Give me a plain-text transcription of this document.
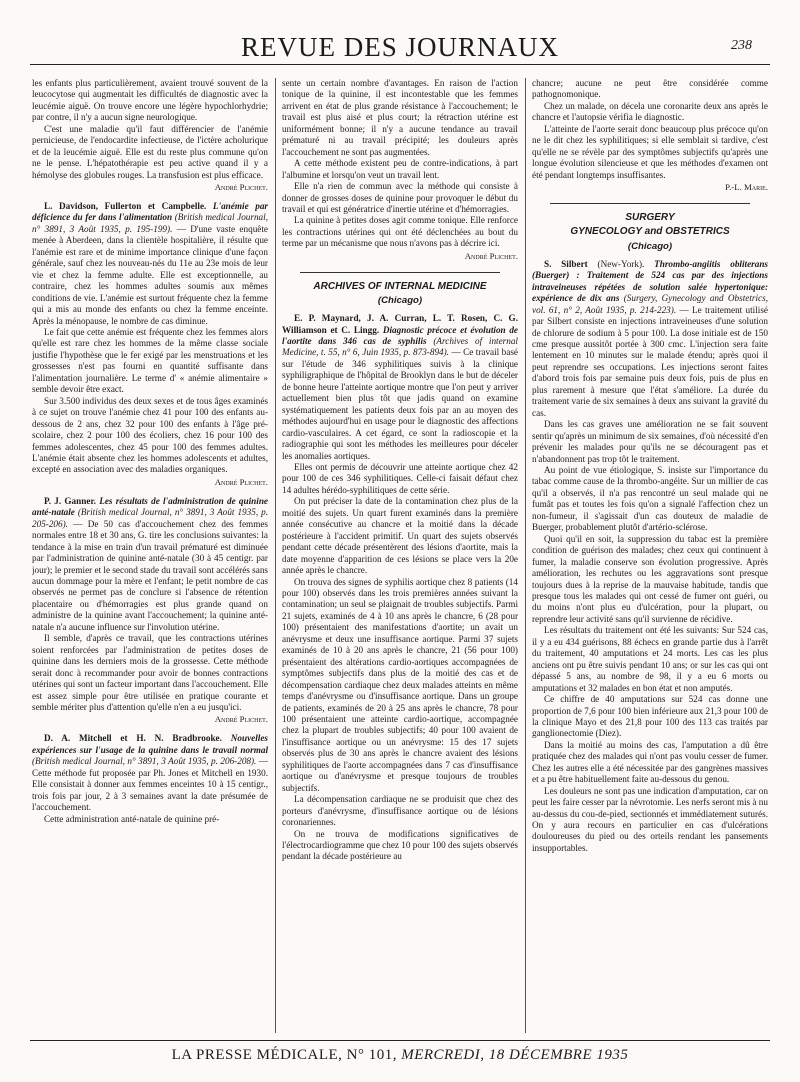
REVUE DES JOURNAUX	238

les enfants plus particulièrement, avaient trouvé souvent de la leucocytose qui augmentait les difficultés de diagnostic avec la leucémie aiguë. On trouve encore une légère hypochlorhydrie; par contre, il n'y a aucun signe neurologique.

C'est une maladie qu'il faut différencier de l'anémie pernicieuse, de l'endocardite infectieuse, de l'ictère acholurique et de la leucémie aiguë. Elle est du reste plus commune qu'on ne le pense. L'hépatothérapie est peu active quand il y a hémolyse des globules rouges. La transfusion est plus efficace.

André Plichet.

L. Davidson, Fullerton et Campbelle. L'anémie par déficience du fer dans l'alimentation (British medical Journal, n° 3891, 3 Août 1935, p. 195-199). — D'une vaste enquête menée à Aberdeen, dans la clientèle hospitalière, il résulte que l'anémie est rare et de minime importance clinique d'une façon générale, sauf chez les nouveau-nés du 11e au 23e mois de leur vie et chez la femme adulte. Elle est exceptionnelle, au contraire, chez les hommes adultes soumis aux mêmes conditions de vie. L'anémie est surtout fréquente chez la femme qui a mis au monde des enfants ou chez la femme enceinte. Après la ménopause, le nombre de cas diminue.

Le fait que cette anémie est fréquente chez les femmes alors qu'elle est rare chez les hommes de la même classe sociale justifie l'hypothèse que le fer exigé par les menstruations et les grossesses n'est pas fourni en quantité suffisante dans l'alimentation journalière. Le terme d' « anémie alimentaire » semble devoir être exact.

Sur 3.500 individus des deux sexes et de tous âges examinés à ce sujet on trouve l'anémie chez 41 pour 100 des enfants au-dessous de 2 ans, chez 32 pour 100 des enfants à l'âge pré-scolaire, chez 2 pour 100 des écoliers, chez 16 pour 100 des femmes adolescentes, chez 45 pour 100 des femmes adultes. L'anémie était absente chez les hommes adolescents et adultes, excepté en association avec des maladies organiques.

André Plichet.

P. J. Ganner. Les résultats de l'administration de quinine anté-natale (British medical Journal, n° 3891, 3 Août 1935, p. 205-206). — De 50 cas d'accouchement chez des femmes normales entre 18 et 30 ans, G. tire les conclusions suivantes: la tendance à la mise en train d'un travail prématuré est diminuée par l'administration de quinine anté-natale (30 à 45 centigr. par jour); le premier et le second stade du travail sont accélérés sans aucun dommage pour la mère et l'enfant; le petit nombre de cas observés ne permet pas de conclure si l'absence de rétention placentaire ou d'hémorragies est plus grande quand on administre de la quinine avant l'accouchement; la quinine anté-natale n'a aucune influence sur l'involution utérine.

Il semble, d'après ce travail, que les contractions utérines soient renforcées par l'administration de petites doses de quinine dans les derniers mois de la grossesse. Cette méthode serait donc à recommander pour avoir de bonnes contractions utérines qui sont un facteur important dans l'accouchement. Elle est assez simple pour être utilisée en pratique courante et semble mériter plus d'attention qu'elle n'en a eu jusqu'ici.

André Plichet.

D. A. Mitchell et H. N. Bradbrooke. Nouvelles expériences sur l'usage de la quinine dans le travail normal (British medical Journal, n° 3891, 3 Août 1935, p. 206-208). — Cette méthode fut proposée par Ph. Jones et Mitchell en 1930. Elle consistait à donner aux femmes enceintes 10 à 15 centigr., trois fois par jour, 2 à 3 semaines avant la date présumée de l'accouchement.

Cette administration anté-natale de quinine pré-

sente un certain nombre d'avantages. En raison de l'action tonique de la quinine, il est incontestable que les femmes arrivent en état de plus grande résistance à l'accouchement; le travail est plus aisé et plus court; la rétraction utérine est uniformément bonne; il n'y a aucune tendance au travail prématuré ni au travail précipité; les douleurs après l'accouchement ne sont pas augmentées.

A cette méthode existent peu de contre-indications, à part l'albumine et lorsqu'on veut un travail lent.

Elle n'a rien de commun avec la méthode qui consiste à donner de grosses doses de quinine pour provoquer le début du travail et qui est génératrice d'inertie utérine et d'hémorragies.

La quinine à petites doses agit comme tonique. Elle renforce les contractions utérines qui ont été déclenchées au bout du terme par un mécanisme que nous n'avons pas à décrire ici.

André Plichet.
ARCHIVES OF INTERNAL MEDICINE
(Chicago)

E. P. Maynard, J. A. Curran, L. T. Rosen, C. G. Williamson et C. Lingg. Diagnostic précoce et évolution de l'aortite dans 346 cas de syphilis (Archives of internal Medicine, t. 55, n° 6, Juin 1935, p. 873-894). — Ce travail basé sur l'étude de 346 syphilitiques suivis à la clinique syphiligraphique de l'hôpital de Brooklyn dans le but de déceler de bonne heure l'atteinte aortique montre que l'on peut y arriver actuellement bien plus tôt que jadis quand on examine systématiquement les patients deux fois par an au moyen des méthodes aujourd'hui en usage pour le diagnostic des affections cardio-vasculaires. A cet égard, ce sont la radioscopie et la radiographie qui sont les méthodes les meilleures pour déceler les anomalies aortiques.

Elles ont permis de découvrir une atteinte aortique chez 42 pour 100 de ces 346 syphilitiques. Celle-ci faisait défaut chez 14 adultes hérédo-syphilitiques de cette série.

On put préciser la date de la contamination chez plus de la moitié des sujets. Un quart furent examinés dans la première année consécutive au chancre et la moitié dans la décade postérieure à l'accident primitif. Un quart des sujets observés pendant cette décade présentèrent des lésions d'aortite, mais la date moyenne d'apparition de ces lésions se place vers la 20e année après le chancre.

On trouva des signes de syphilis aortique chez 8 patients (14 pour 100) observés dans les trois premières années suivant la contamination; un seul se plaignait de troubles subjectifs. Parmi 21 sujets, examinés de 4 à 10 ans après le chancre, 6 (28 pour 100) présentaient des manifestations d'aortite; un avait un anévrysme et deux une insuffisance aortique. Parmi 37 sujets examinés de 10 à 20 ans après le chancre, 21 (56 pour 100) présentaient des altérations cardio-aortiques accompagnées de symptômes subjectifs dans plus de la moitié des cas et de décompensation cardiaque chez deux malades atteints en même temps d'anévrysme ou d'insuffisance aortique. Dans un groupe de patients, examinés de 20 à 25 ans après le chancre, 78 pour 100 présentaient une atteinte cardio-aortique, accompagnée chez la plupart de troubles subjectifs; 40 pour 100 avaient de l'insuffisance aortique ou un anévrysme: 15 des 17 sujets observés plus de 30 ans après le chancre avaient des lésions syphilitiques de l'aorte accompagnées dans 7 cas d'insuffisance aortique ou d'anévrysme et presque toujours de troubles subjectifs.

La décompensation cardiaque ne se produisit que chez des porteurs d'anévrysme, d'insuffisance aortique ou de lésions coronariennes.

On ne trouva de modifications significatives de l'électrocardiogramme que chez 10 pour 100 des sujets observés pendant la décade postérieure au

chancre; aucune ne peut être considérée comme pathognomonique.

Chez un malade, on décela une coronarite deux ans après le chancre et l'autopsie vérifia le diagnostic.

L'atteinte de l'aorte serait donc beaucoup plus précoce qu'on ne le dit chez les syphilitiques; si elle semblait si tardive, c'est qu'elle ne se révèle par des symptômes subjectifs qu'après une longue évolution silencieuse et que les méthodes d'examen ont été pendant longtemps insuffisantes.

P.-L. Marie.
SURGERY
GYNECOLOGY and OBSTETRICS
(Chicago)

S. Silbert (New-York). Thrombo-angiitis obliterans (Buerger) : Traitement de 524 cas par des injections intraveineuses répétées de solution salée hypertonique: expérience de dix ans (Surgery, Gynecology and Obstetrics, vol. 61, n° 2, Août 1935, p. 214-223). — Le traitement utilisé par Silbert consiste en injections intraveineuses d'une solution de chlorure de sodium à 5 pour 100. La dose initiale est de 150 cme presque aussitôt portée à 300 cmc. L'injection sera faite lentement en 10 minutes sur le malade étendu; après quoi il peut reprendre ses occupations. Les injections seront faites d'abord trois fois par semaine puis deux fois, puis de plus en plus rarement à mesure que l'état s'améliore. La durée du traitement varie de six semaines à deux ans suivant la gravité du cas.

Dans les cas graves une amélioration ne se fait souvent sentir qu'après un minimum de six semaines, d'où nécessité d'en prévenir les malades pour qu'ils ne se découragent pas et n'abandonnent pas trop tôt le traitement.

Au point de vue étiologique, S. insiste sur l'importance du tabac comme cause de la thrombo-angéite. Sur un millier de cas qu'il a observés, il n'a pas rencontré un seul malade qui ne fumât pas et toutes les fois qu'on a signalé l'affection chez un non-fumeur, il s'agissait d'un cas douteux de maladie de Buerger, probablement plutôt d'artério-sclérose.

Quoi qu'il en soit, la suppression du tabac est la première condition de guérison des malades; chez ceux qui continuent à fumer, la maladie conserve son évolution progressive. Après amélioration, les rechutes ou les aggravations sont presque toujours dues à la reprise de la mauvaise habitude, tandis que presque tous les malades qui ont cessé de fumer ont guéri, ou du moins n'ont plus eu d'ulcération, pour la plupart, ou reprendre leur activité sans qu'il survienne de récidive.

Les résultats du traitement ont été les suivants: Sur 524 cas, il y a eu 434 guérisons, 88 échecs en grande partie dus à l'arrêt du traitement, 40 amputations et 24 morts. Les cas les plus anciens ont pu être suivis pendant 10 ans; or sur les cas qui ont dépassé 5 ans, au nombre de 98, il y a eu 6 morts ou amputations et 32 malades en bon état et non amputés.

Ce chiffre de 40 amputations sur 524 cas donne une proportion de 7,6 pour 100 bien inférieure aux 21,3 pour 100 de la clinique Mayo et des 21,8 pour 100 des 113 cas traités par ganglionectomie (Diez).

Dans la moitié au moins des cas, l'amputation a dû être pratiquée chez des malades qui n'ont pas voulu cesser de fumer. Chez les autres elle a été nécessitée par des gangrènes massives et a pu être habituellement faite au-dessous du genou.

Les douleurs ne sont pas une indication d'amputation, car on peut les faire cesser par la névrotomie. Les nerfs seront mis à nu au-dessus du cou-de-pied, sectionnés et immédiatement suturés. On y aura recours en particulier en cas d'ulcérations douloureuses du pied ou des orteils rendant les pansements insupportables.

LA PRESSE MÉDICALE, N° 101, MERCREDI, 18 DÉCEMBRE 1935
